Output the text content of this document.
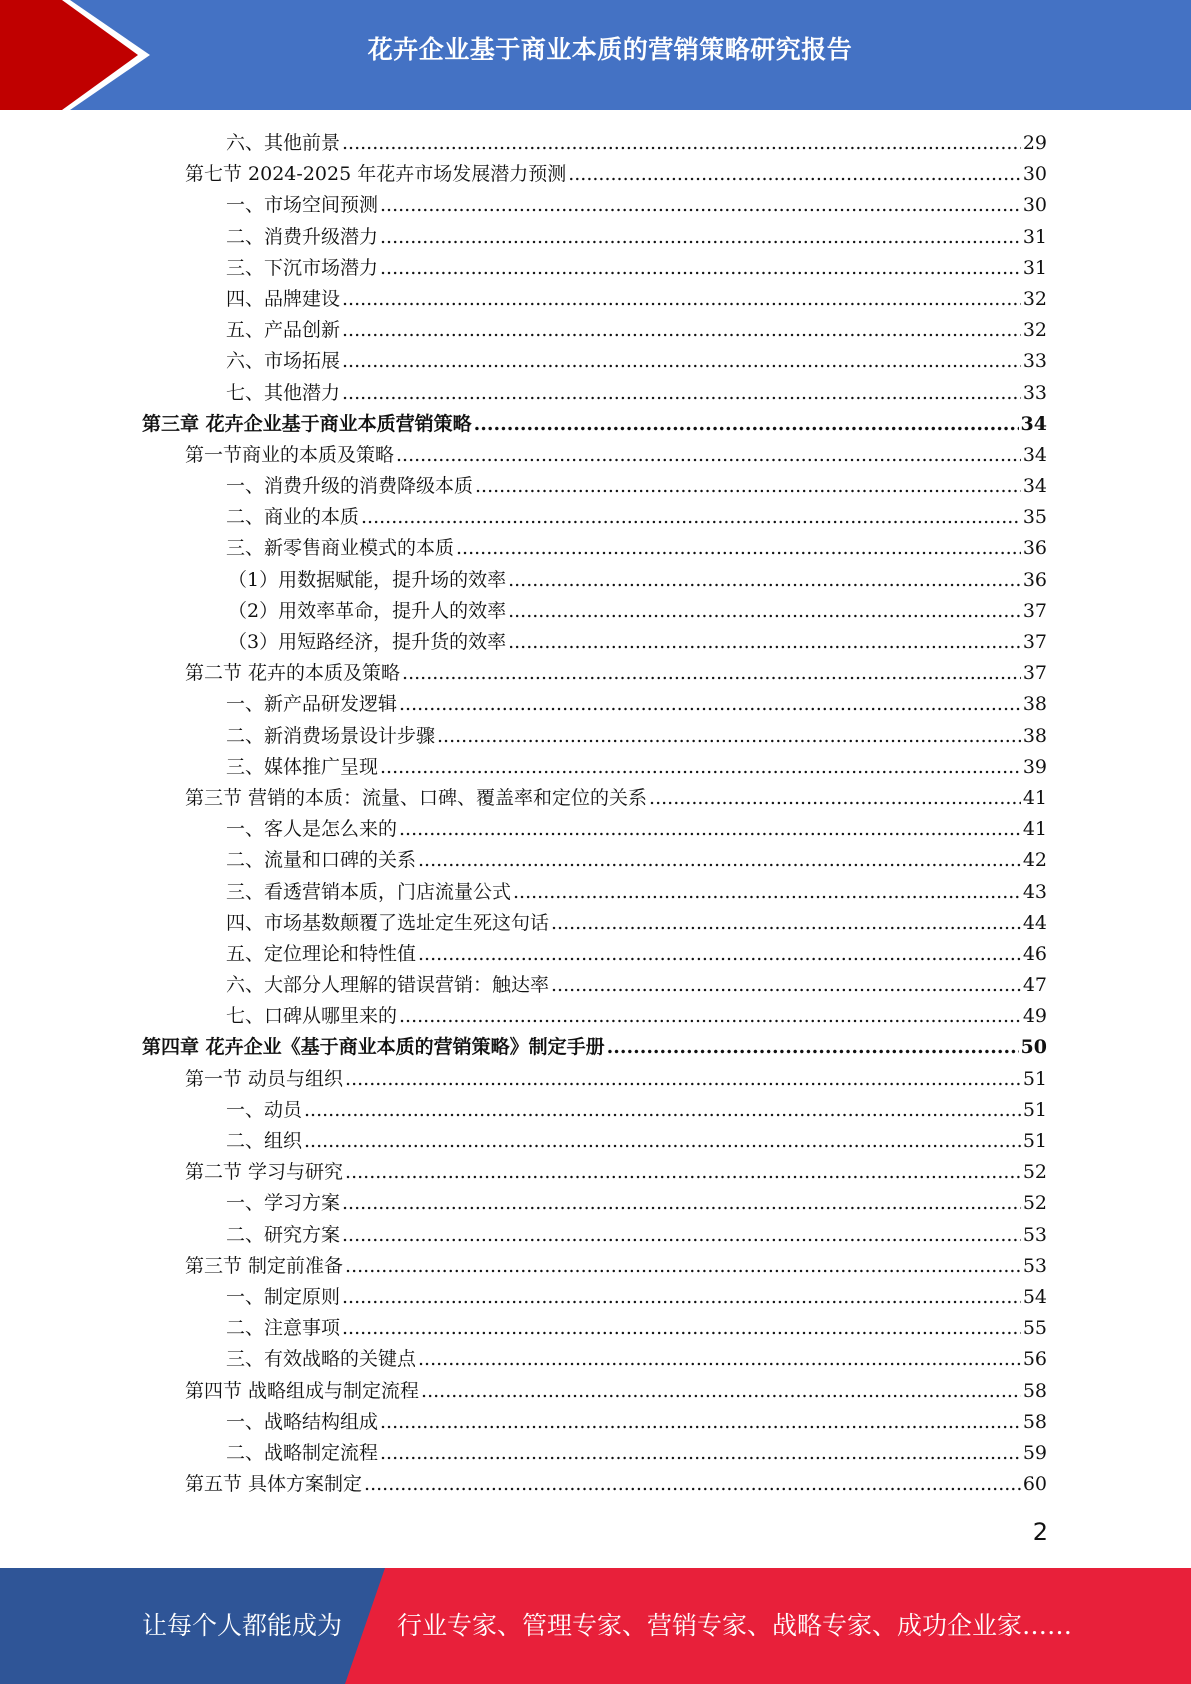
花卉企业基于商业本质的营销策略研究报告
六、其他前景 .....	29
第七节 2024-2025 年花卉市场发展潜力预测 .....	30
一、市场空间预测 .....	30
二、消费升级潜力 .....	31
三、下沉市场潜力 .....	31
四、品牌建设 .....	32
五、产品创新 .....	32
六、市场拓展 .....	33
七、其他潜力 .....	33
第三章 花卉企业基于商业本质营销策略 .....	34
第一节商业的本质及策略 .....	34
一、消费升级的消费降级本质 .....	34
二、商业的本质 .....	35
三、新零售商业模式的本质 .....	36
（1）用数据赋能，提升场的效率 .....	36
（2）用效率革命，提升人的效率 .....	37
（3）用短路经济，提升货的效率 .....	37
第二节 花卉的本质及策略 .....	37
一、新产品研发逻辑 .....	38
二、新消费场景设计步骤 .....	38
三、媒体推广呈现 .....	39
第三节 营销的本质：流量、口碑、覆盖率和定位的关系 .....	41
一、客人是怎么来的 .....	41
二、流量和口碑的关系 .....	42
三、看透营销本质，门店流量公式 .....	43
四、市场基数颠覆了选址定生死这句话 .....	44
五、定位理论和特性值 .....	46
六、大部分人理解的错误营销：触达率 .....	47
七、口碑从哪里来的 .....	49
第四章 花卉企业《基于商业本质的营销策略》制定手册 .....	50
第一节 动员与组织 .....	51
一、动员 .....	51
二、组织 .....	51
第二节 学习与研究 .....	52
一、学习方案 .....	52
二、研究方案 .....	53
第三节 制定前准备 .....	53
一、制定原则 .....	54
二、注意事项 .....	55
三、有效战略的关键点 .....	56
第四节 战略组成与制定流程 .....	58
一、战略结构组成 .....	58
二、战略制定流程 .....	59
第五节 具体方案制定 .....	60
2
让每个人都能成为 行业专家、管理专家、营销专家、战略专家、成功企业家……
